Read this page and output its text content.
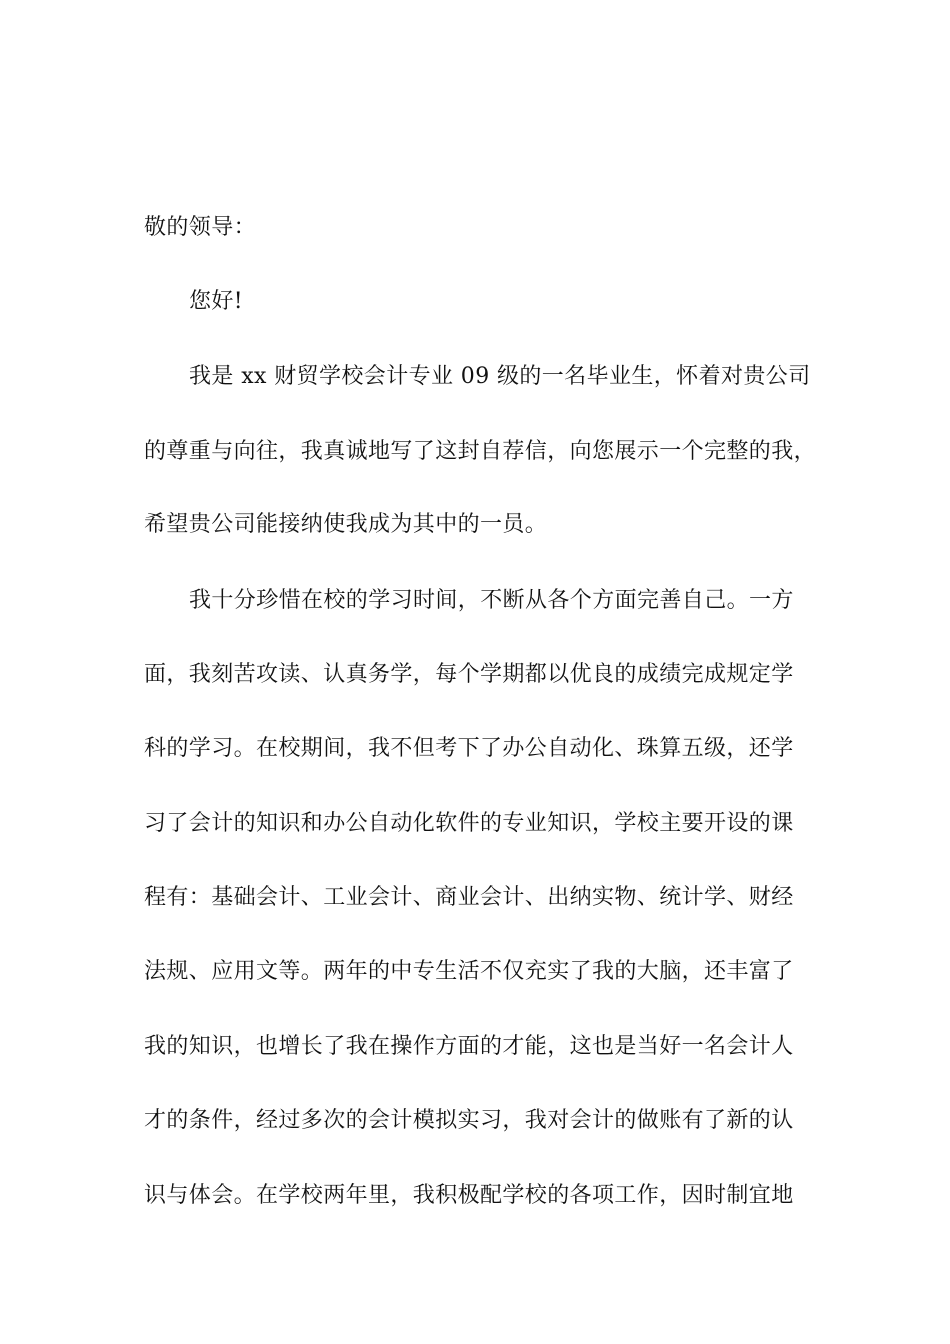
敬的领导：
您好!
我是 xx 财贸学校会计专业 09 级的一名毕业生，怀着对贵公司
的尊重与向往，我真诚地写了这封自荐信，向您展示一个完整的我，
希望贵公司能接纳使我成为其中的一员。
我十分珍惜在校的学习时间，不断从各个方面完善自己。一方
面，我刻苦攻读、认真务学，每个学期都以优良的成绩完成规定学
科的学习。在校期间，我不但考下了办公自动化、珠算五级，还学
习了会计的知识和办公自动化软件的专业知识，学校主要开设的课
程有：基础会计、工业会计、商业会计、出纳实物、统计学、财经
法规、应用文等。两年的中专生活不仅充实了我的大脑，还丰富了
我的知识，也增长了我在操作方面的才能，这也是当好一名会计人
才的条件，经过多次的会计模拟实习，我对会计的做账有了新的认
识与体会。在学校两年里，我积极配学校的各项工作，因时制宜地
